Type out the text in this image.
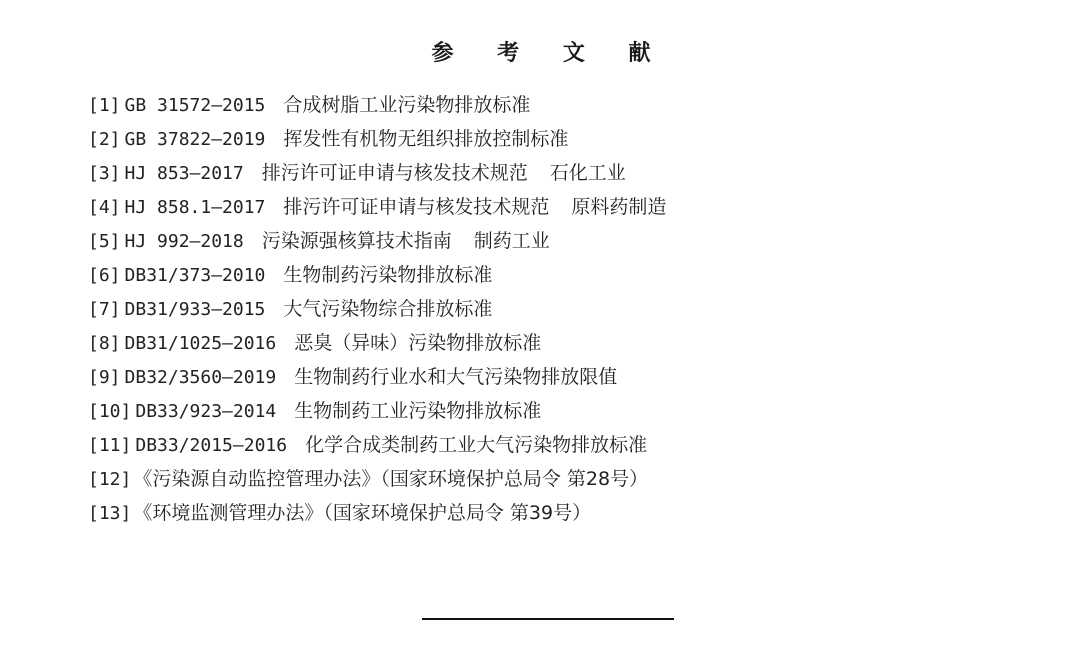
参 考 文 献
[1] GB 31572—2015 合成树脂工业污染物排放标准
[2] GB 37822—2019 挥发性有机物无组织排放控制标准
[3] HJ 853—2017 排污许可证申请与核发技术规范 石化工业
[4] HJ 858.1—2017 排污许可证申请与核发技术规范 原料药制造
[5] HJ 992—2018 污染源强核算技术指南 制药工业
[6] DB31/373—2010 生物制药污染物排放标准
[7] DB31/933—2015 大气污染物综合排放标准
[8] DB31/1025—2016 恶臭（异味）污染物排放标准
[9] DB32/3560—2019 生物制药行业水和大气污染物排放限值
[10] DB33/923—2014 生物制药工业污染物排放标准
[11] DB33/2015—2016 化学合成类制药工业大气污染物排放标准
[12] 《污染源自动监控管理办法》（国家环境保护总局令 第28号）
[13] 《环境监测管理办法》（国家环境保护总局令 第39号）
